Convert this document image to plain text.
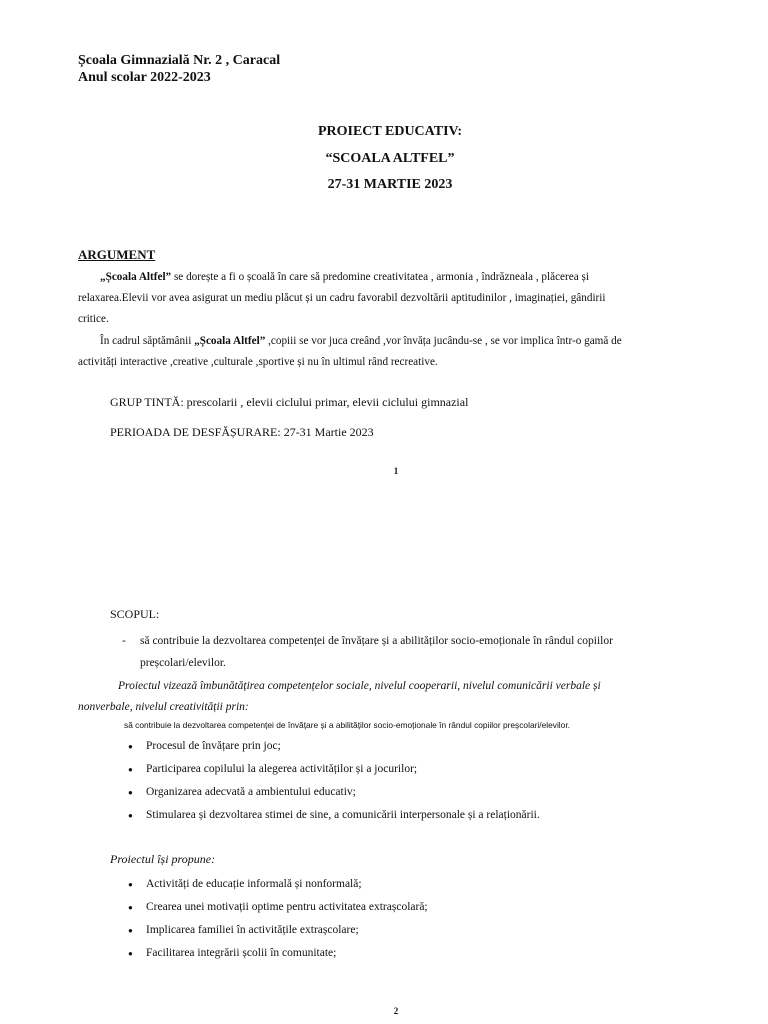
Școala Gimnazială Nr. 2 , Caracal
Anul scolar 2022-2023
PROIECT EDUCATIV:
“SCOALA ALTFEL”
27-31 MARTIE 2023
ARGUMENT
„Școala Altfel” se dorește a fi o școală în care să predomine creativitatea , armonia , îndrăzneala , plăcerea și
relaxarea.Elevii vor avea asigurat un mediu plăcut și un cadru favorabil dezvoltării aptitudinilor , imaginației, gândirii
critice.
În cadrul săptămânii „Școala Altfel” ,copiii se vor juca creând ,vor învăța jucându-se , se vor implica într-o gamă de
activități interactive ,creative ,culturale ,sportive și nu în ultimul rând recreative.
GRUP TINTĂ: prescolarii , elevii ciclului primar, elevii ciclului gimnazial
PERIOADA DE DESFĂȘURARE: 27-31 Martie 2023
1
SCOPUL:
-	să contribuie la dezvoltarea competenței de învățare și a abilităților socio-emoționale în rândul copiilor
preșcolari/elevilor.
Proiectul vizează îmbunătățirea competențelor sociale, nivelul cooperarii, nivelul comunicării verbale și
nonverbale, nivelul creativității prin:
să contribuie la dezvoltarea competenței de învățare și a abilităților socio-emoționale în rândul copiilor preșcolari/elevilor.
● Procesul de învățare prin joc;
● Participarea copilului la alegerea activităților și a jocurilor;
● Organizarea adecvată a ambientului educativ;
● Stimularea și dezvoltarea stimei de sine, a comunicării interpersonale și a relaționării.
Proiectul își propune:
● Activități de educație informală și nonformală;
● Crearea unei motivații optime pentru activitatea extrașcolară;
● Implicarea familiei în activitățile extrașcolare;
● Facilitarea integrării școlii în comunitate;
2
